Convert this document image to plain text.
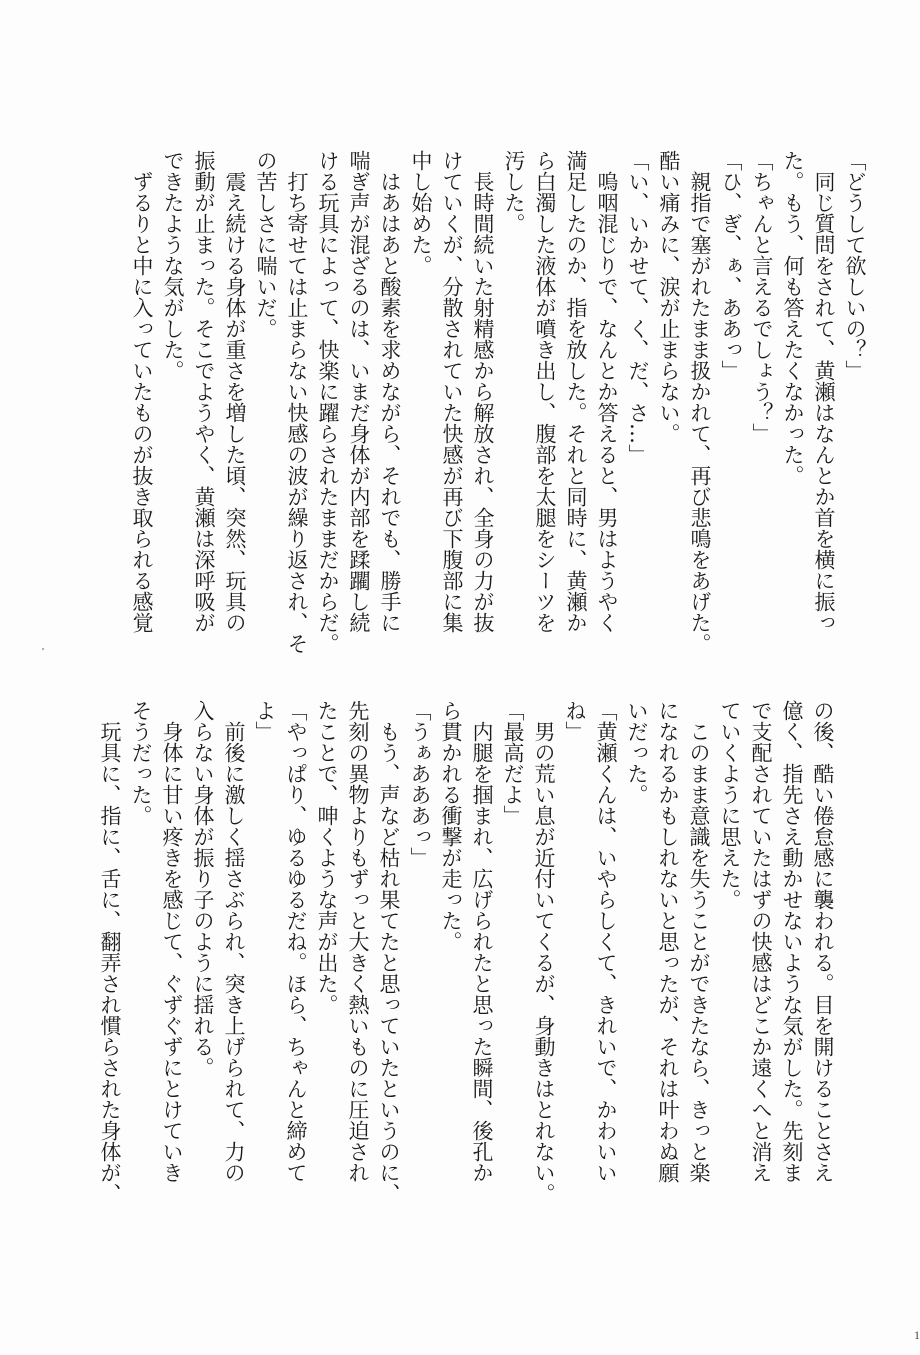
「どうして欲しいの？」
　同じ質問をされて、黄瀬はなんとか首を横に振っ
た。もう、何も答えたくなかった。
「ちゃんと言えるでしょう？」
「ひ、ぎ、ぁ、ああっ」
　親指で塞がれたまま扱かれて、再び悲鳴をあげた。
酷い痛みに、涙が止まらない。
「い、いかせて、く、だ、さ…」
　嗚咽混じりで、なんとか答えると、男はようやく
満足したのか、指を放した。それと同時に、黄瀬か
ら白濁した液体が噴き出し、腹部を太腿をシーツを
汚した。
　長時間続いた射精感から解放され、全身の力が抜
けていくが、分散されていた快感が再び下腹部に集
中し始めた。
　はあはあと酸素を求めながら、それでも、勝手に
喘ぎ声が混ざるのは、いまだ身体が内部を蹂躙し続
ける玩具によって、快楽に躍らされたままだからだ。
　打ち寄せては止まらない快感の波が繰り返され、そ
の苦しさに喘いだ。
　震え続ける身体が重さを増した頃、突然、玩具の
振動が止まった。そこでようやく、黄瀬は深呼吸が
できたような気がした。
　ずるりと中に入っていたものが抜き取られる感覚
の後、酷い倦怠感に襲われる。目を開けることさえ
億く、指先さえ動かせないような気がした。先刻ま
で支配されていたはずの快感はどこか遠くへと消え
ていくように思えた。
　このまま意識を失うことができたなら、きっと楽
になれるかもしれないと思ったが、それは叶わぬ願
いだった。
「黄瀬くんは、いやらしくて、きれいで、かわいい
ね」
　男の荒い息が近付いてくるが、身動きはとれない。
「最高だよ」
　内腿を掴まれ、広げられたと思った瞬間、後孔か
ら貫かれる衝撃が走った。
「うぁあああっ」
　もう、声など枯れ果てたと思っていたというのに、
先刻の異物よりもずっと大きく熱いものに圧迫され
たことで、呻くような声が出た。
「やっぱり、ゆるゆるだね。ほら、ちゃんと締めて
よ」
　前後に激しく揺さぶられ、突き上げられて、力の
入らない身体が振り子のように揺れる。
　身体に甘い疼きを感じて、ぐずぐずにとけていき
そうだった。
　玩具に、指に、舌に、翻弄され慣らされた身体が、
1
